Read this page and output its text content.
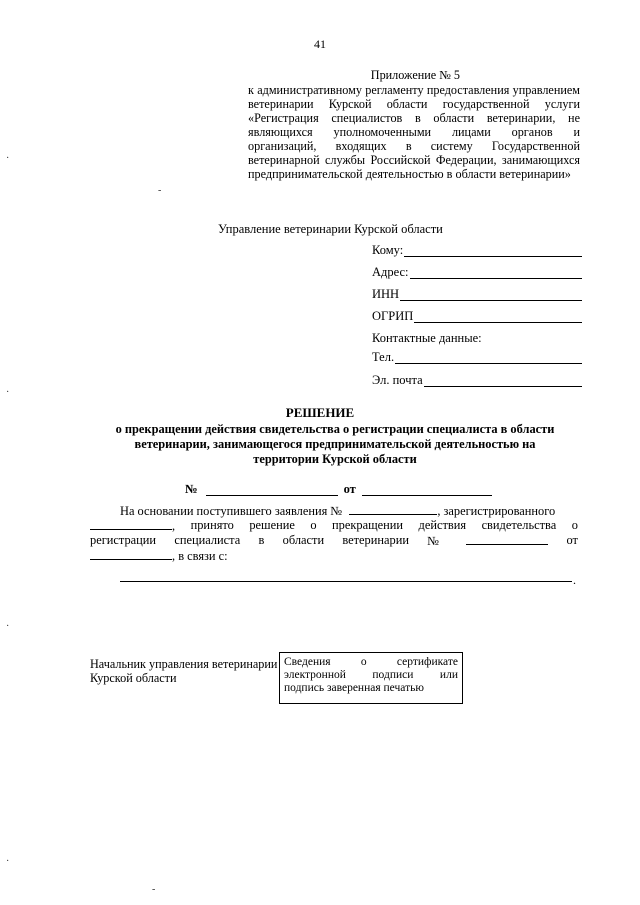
41
Приложение № 5
к административному регламенту предоставления управлением ветеринарии Курской области государственной услуги «Регистрация специалистов в области ветеринарии, не являющихся уполномоченными лицами органов и организаций, входящих в систему Государственной ветеринарной службы Российской Федерации, занимающихся предпринимательской деятельностью в области ветеринарии»
Управление ветеринарии Курской области
Кому:
Адрес:
ИНН
ОГРИП
Контактные данные:
Тел.
Эл. почта
РЕШЕНИЕ
о прекращении действия свидетельства о регистрации специалиста в области ветеринарии, занимающегося предпринимательской деятельностью на территории Курской области
№	от
На основании поступившего заявления №	, зарегистрированного
, принято решение о прекращении действия свидетельства о
регистрации специалиста в области ветеринарии №	от
, в связи с:
.
Начальник управления ветеринарии Курской области
Сведения	о	сертификате
электронной подписи или
подпись заверенная печатью
·
-
·
·
·
-
